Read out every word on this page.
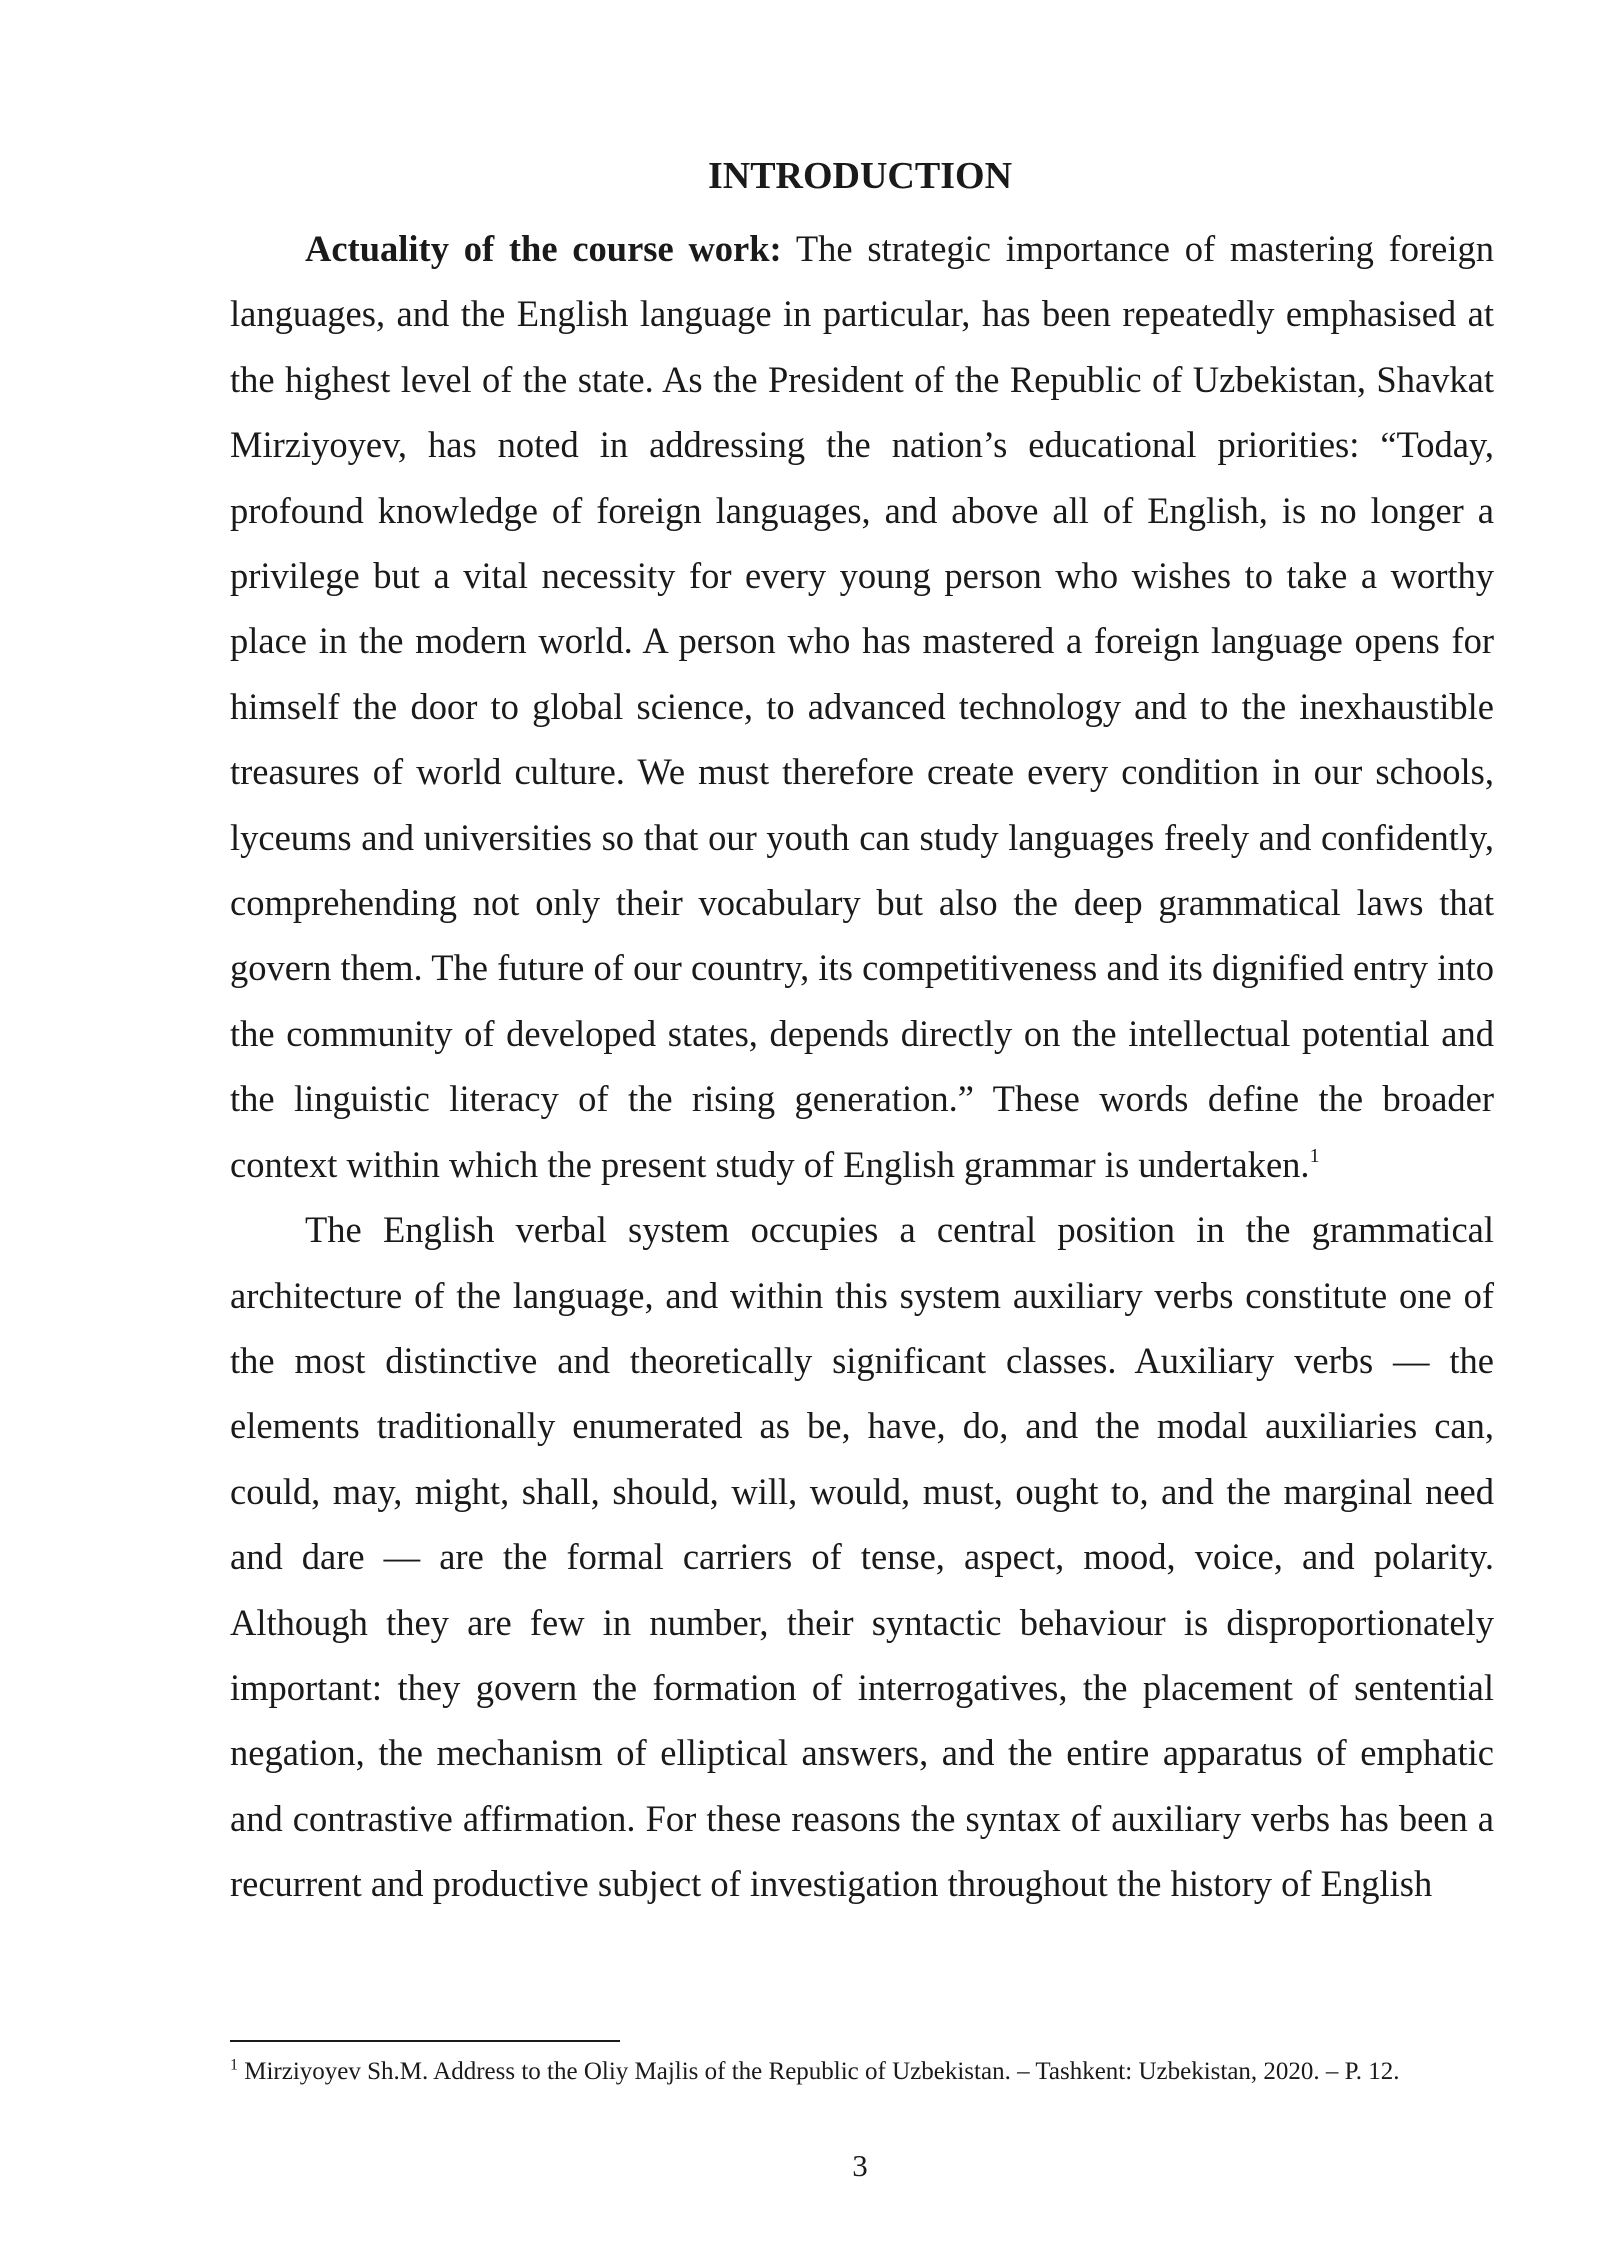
INTRODUCTION

Actuality of the course work: The strategic importance of mastering foreign languages, and the English language in particular, has been repeatedly emphasised at the highest level of the state. As the President of the Republic of Uzbekistan, Shavkat Mirziyoyev, has noted in addressing the nation’s educational priorities: “Today, profound knowledge of foreign languages, and above all of English, is no longer a privilege but a vital necessity for every young person who wishes to take a worthy place in the modern world. A person who has mastered a foreign language opens for himself the door to global science, to advanced technology and to the inexhaustible treasures of world culture. We must therefore create every condition in our schools, lyceums and universities so that our youth can study languages freely and confidently, comprehending not only their vocabulary but also the deep grammatical laws that govern them. The future of our country, its competitiveness and its dignified entry into the community of developed states, depends directly on the intellectual potential and the linguistic literacy of the rising generation.” These words define the broader context within which the present study of English grammar is undertaken.$^1$

The English verbal system occupies a central position in the grammatical architecture of the language, and within this system auxiliary verbs constitute one of the most distinctive and theoretically significant classes. Auxiliary verbs — the elements traditionally enumerated as be, have, do, and the modal auxiliaries can, could, may, might, shall, should, will, would, must, ought to, and the marginal need and dare — are the formal carriers of tense, aspect, mood, voice, and polarity. Although they are few in number, their syntactic behaviour is disproportionately important: they govern the formation of interrogatives, the placement of sentential negation, the mechanism of elliptical answers, and the entire apparatus of emphatic and contrastive affirmation. For these reasons the syntax of auxiliary verbs has been a recurrent and productive subject of investigation throughout the history of English

$^1$ Mirziyoyev Sh.M. Address to the Oliy Majlis of the Republic of Uzbekistan. – Tashkent: Uzbekistan, 2020. – P. 12.

3
